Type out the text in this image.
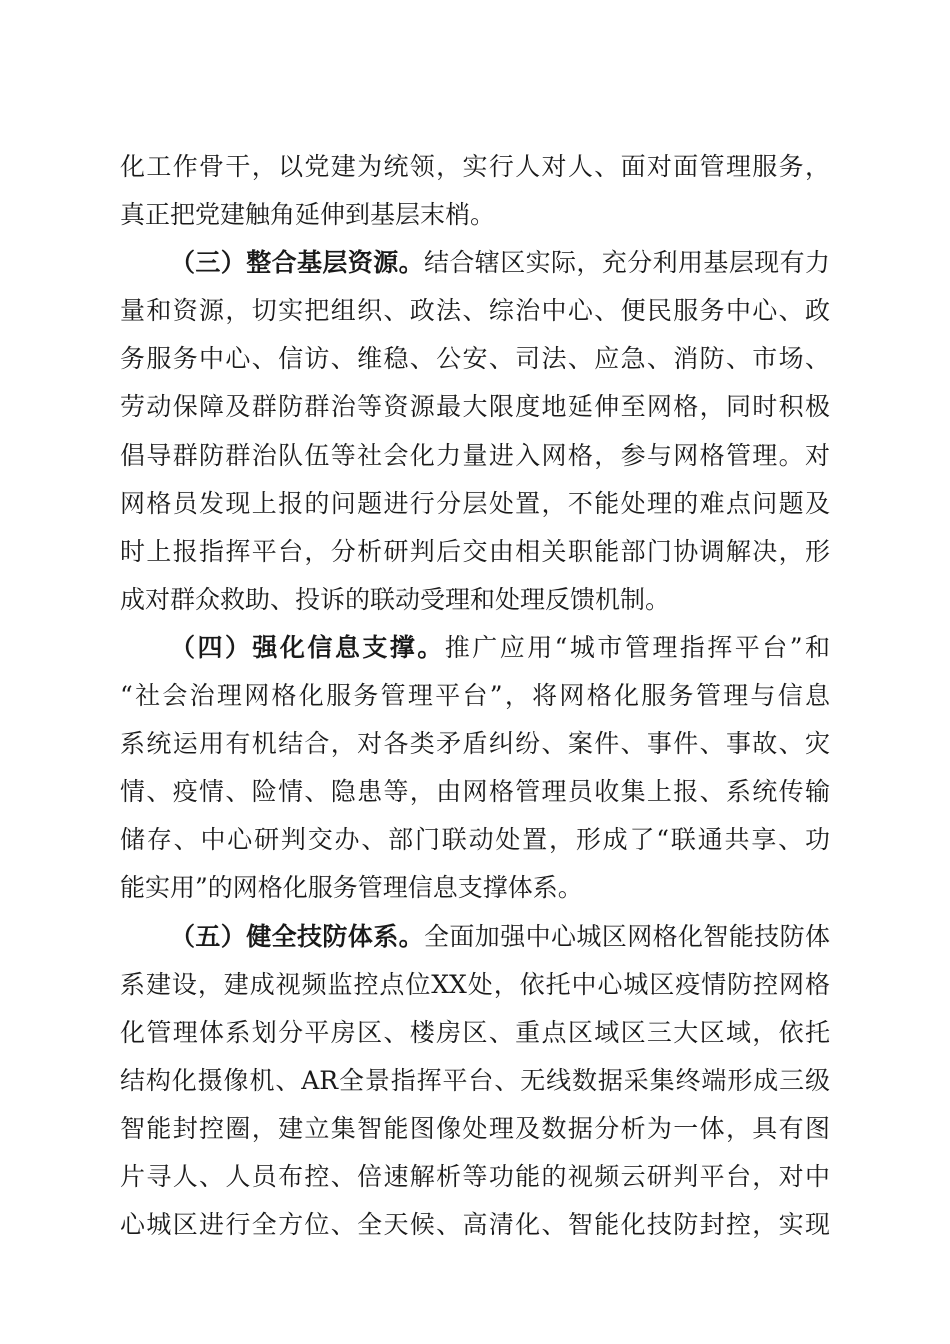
化工作骨干，以党建为统领，实行人对人、面对面管理服务，
真正把党建触角延伸到基层末梢。
（三）整合基层资源。结合辖区实际，充分利用基层现有力
量和资源，切实把组织、政法、综治中心、便民服务中心、政
务服务中心、信访、维稳、公安、司法、应急、消防、市场、
劳动保障及群防群治等资源最大限度地延伸至网格，同时积极
倡导群防群治队伍等社会化力量进入网格，参与网格管理。对
网格员发现上报的问题进行分层处置，不能处理的难点问题及
时上报指挥平台，分析研判后交由相关职能部门协调解决，形
成对群众救助、投诉的联动受理和处理反馈机制。
（四）强化信息支撑。推广应用“城市管理指挥平台”和
“社会治理网格化服务管理平台”，将网格化服务管理与信息
系统运用有机结合，对各类矛盾纠纷、案件、事件、事故、灾
情、疫情、险情、隐患等，由网格管理员收集上报、系统传输
储存、中心研判交办、部门联动处置，形成了“联通共享、功
能实用”的网格化服务管理信息支撑体系。
（五）健全技防体系。全面加强中心城区网格化智能技防体
系建设，建成视频监控点位XX处，依托中心城区疫情防控网格
化管理体系划分平房区、楼房区、重点区域区三大区域，依托
结构化摄像机、AR全景指挥平台、无线数据采集终端形成三级
智能封控圈，建立集智能图像处理及数据分析为一体，具有图
片寻人、人员布控、倍速解析等功能的视频云研判平台，对中
心城区进行全方位、全天候、高清化、智能化技防封控，实现
